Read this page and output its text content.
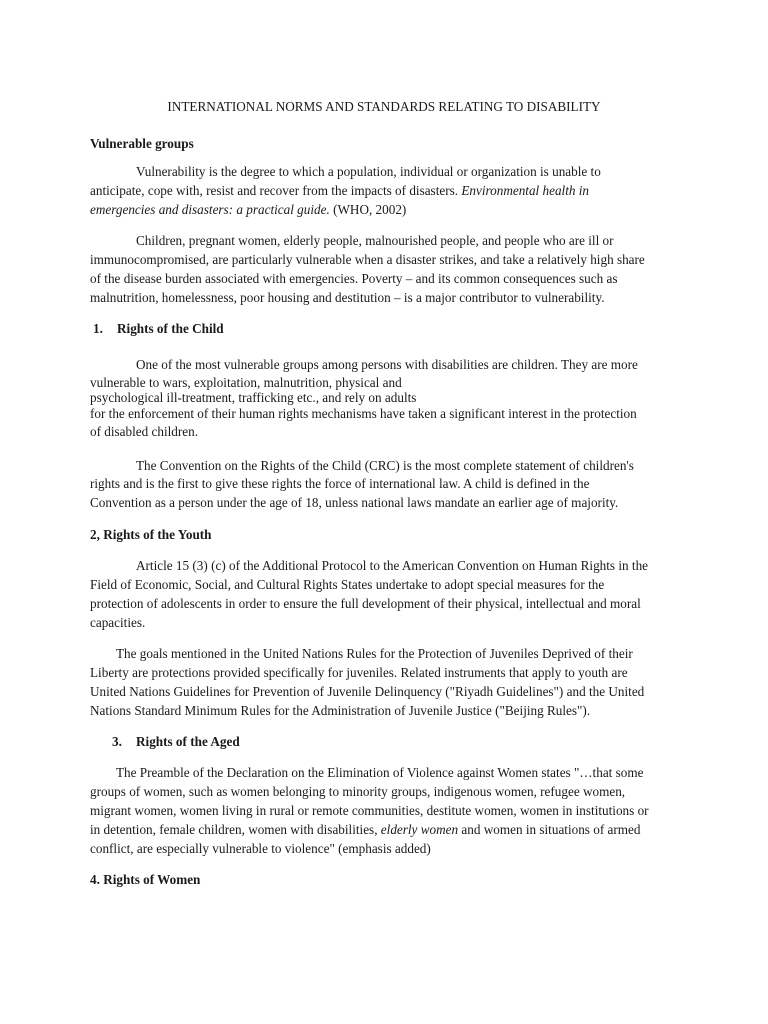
INTERNATIONAL NORMS AND STANDARDS RELATING TO DISABILITY
Vulnerable groups
Vulnerability is the degree to which a population, individual or organization is unable to
anticipate, cope with, resist and recover from the impacts of disasters. Environmental health in
emergencies and disasters: a practical guide. (WHO, 2002)
Children, pregnant women, elderly people, malnourished people, and people who are ill or
immunocompromised, are particularly vulnerable when a disaster strikes, and take a relatively high share
of the disease burden associated with emergencies. Poverty – and its common consequences such as
malnutrition, homelessness, poor housing and destitution – is a major contributor to vulnerability.
1. Rights of the Child
One of the most vulnerable groups among persons with disabilities are children. They are more
vulnerable to wars, exploitation, malnutrition, physical and
psychological ill-treatment, trafficking etc., and rely on adults
for the enforcement of their human rights mechanisms have taken a significant interest in the protection
of disabled children.
The Convention on the Rights of the Child (CRC) is the most complete statement of children's
rights and is the first to give these rights the force of international law. A child is defined in the
Convention as a person under the age of 18, unless national laws mandate an earlier age of majority.
2, Rights of the Youth
Article 15 (3) (c) of the Additional Protocol to the American Convention on Human Rights in the
Field of Economic, Social, and Cultural Rights States undertake to adopt special measures for the
protection of adolescents in order to ensure the full development of their physical, intellectual and moral
capacities.
The goals mentioned in the United Nations Rules for the Protection of Juveniles Deprived of their
Liberty are protections provided specifically for juveniles. Related instruments that apply to youth are
United Nations Guidelines for Prevention of Juvenile Delinquency ("Riyadh Guidelines") and the United
Nations Standard Minimum Rules for the Administration of Juvenile Justice ("Beijing Rules").
3. Rights of the Aged
The Preamble of the Declaration on the Elimination of Violence against Women states "…that some
groups of women, such as women belonging to minority groups, indigenous women, refugee women,
migrant women, women living in rural or remote communities, destitute women, women in institutions or
in detention, female children, women with disabilities, elderly women and women in situations of armed
conflict, are especially vulnerable to violence" (emphasis added)
4. Rights of Women
